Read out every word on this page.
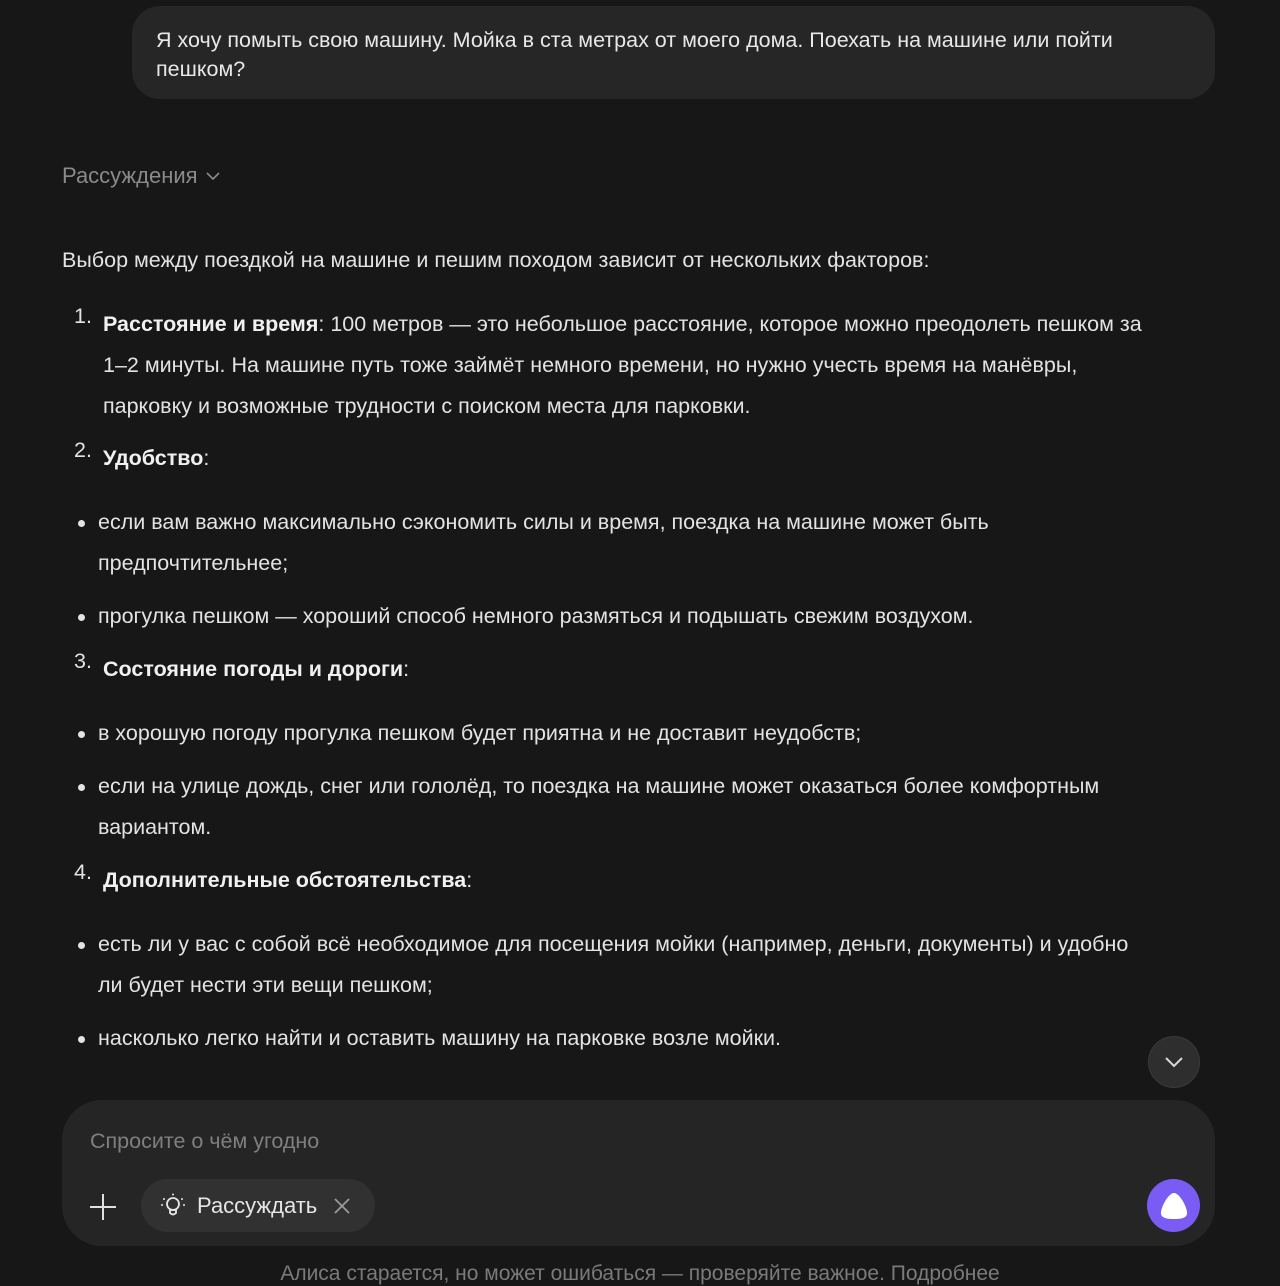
Я хочу помыть свою машину. Мойка в ста метрах от моего дома. Поехать на машине или пойти пешком?
Рассуждения

Выбор между поездкой на машине и пешим походом зависит от нескольких факторов:

1. Расстояние и время: 100 метров — это небольшое расстояние, которое можно преодолеть пешком за 1–2 минуты. На машине путь тоже займёт немного времени, но нужно учесть время на манёвры, парковку и возможные трудности с поиском места для парковки.
2. Удобство:
если вам важно максимально сэкономить силы и время, поездка на машине может быть предпочтительнее;
прогулка пешком — хороший способ немного размяться и подышать свежим воздухом.
3. Состояние погоды и дороги:
в хорошую погоду прогулка пешком будет приятна и не доставит неудобств;
если на улице дождь, снег или гололёд, то поездка на машине может оказаться более комфортным вариантом.
4. Дополнительные обстоятельства:
есть ли у вас с собой всё необходимое для посещения мойки (например, деньги, документы) и удобно ли будет нести эти вещи пешком;
насколько легко найти и оставить машину на парковке возле мойки.
Спросите о чём угодно
Рассуждать
Алиса старается, но может ошибаться — проверяйте важное. Подробнее
